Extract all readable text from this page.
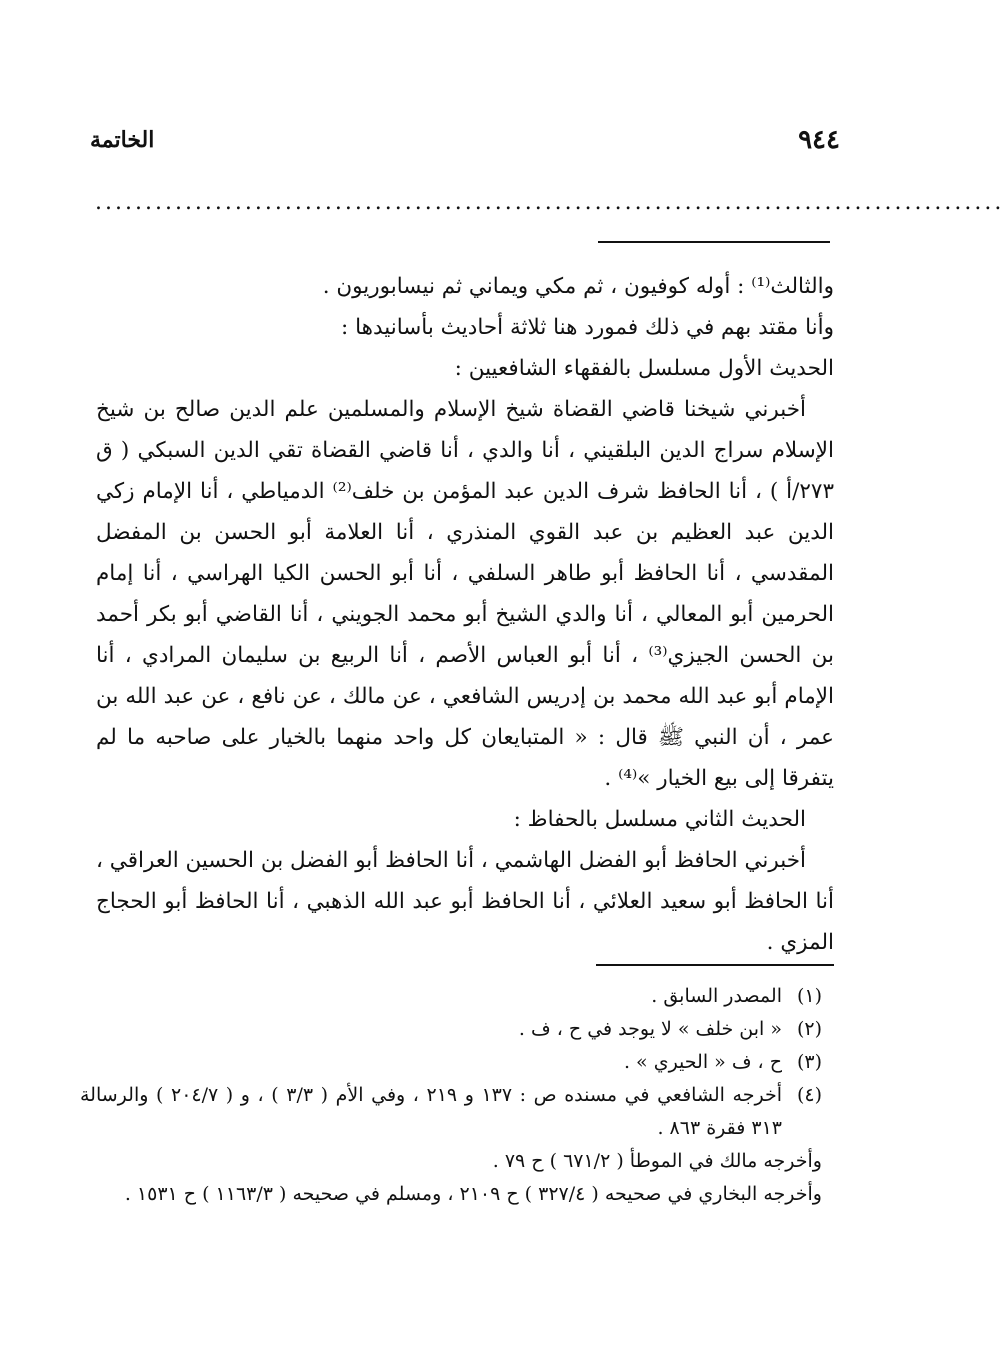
الخاتمة	٩٤٤
...........................................................................................

والثالث⁽¹⁾ : أوله كوفيون ، ثم مكي ويماني ثم نيسابوريون .

وأنا مقتد بهم في ذلك فمورد هنا ثلاثة أحاديث بأسانيدها :

الحديث الأول مسلسل بالفقهاء الشافعيين :

أخبرني شيخنا قاضي القضاة شيخ الإسلام والمسلمين علم الدين صالح بن شيخ الإسلام سراج الدين البلقيني ، أنا والدي ، أنا قاضي القضاة تقي الدين السبكي ( ق ٢٧٣/أ ) ، أنا الحافظ شرف الدين عبد المؤمن بن خلف⁽²⁾ الدمياطي ، أنا الإمام زكي الدين عبد العظيم بن عبد القوي المنذري ، أنا العلامة أبو الحسن بن المفضل المقدسي ، أنا الحافظ أبو طاهر السلفي ، أنا أبو الحسن الكيا الهراسي ، أنا إمام الحرمين أبو المعالي ، أنا والدي الشيخ أبو محمد الجويني ، أنا القاضي أبو بكر أحمد بن الحسن الجيزي⁽³⁾ ، أنا أبو العباس الأصم ، أنا الربيع بن سليمان المرادي ، أنا الإمام أبو عبد الله محمد بن إدريس الشافعي ، عن مالك ، عن نافع ، عن عبد الله بن عمر ، أن النبي ﷺ قال : « المتبايعان كل واحد منهما بالخيار على صاحبه ما لم يتفرقا إلى بيع الخيار »⁽⁴⁾ .

الحديث الثاني مسلسل بالحفاظ :

أخبرني الحافظ أبو الفضل الهاشمي ، أنا الحافظ أبو الفضل بن الحسين العراقي ، أنا الحافظ أبو سعيد العلائي ، أنا الحافظ أبو عبد الله الذهبي ، أنا الحافظ أبو الحجاج المزي .

(١)
المصدر السابق .
(٢)
« ابن خلف » لا يوجد في ح ، ف .
(٣)
ح ، ف « الحيري » .
(٤)
أخرجه الشافعي في مسنده ص : ١٣٧ و ٢١٩ ، وفي الأم ( ٣/٣ ) ، و ( ٢٠٤/٧ ) والرسالة ٣١٣ فقرة ٨٦٣ .
وأخرجه مالك في الموطأ ( ٦٧١/٢ ) ح ٧٩ .
وأخرجه البخاري في صحيحه ( ٣٢٧/٤ ) ح ٢١٠٩ ، ومسلم في صحيحه ( ١١٦٣/٣ ) ح ١٥٣١ .
